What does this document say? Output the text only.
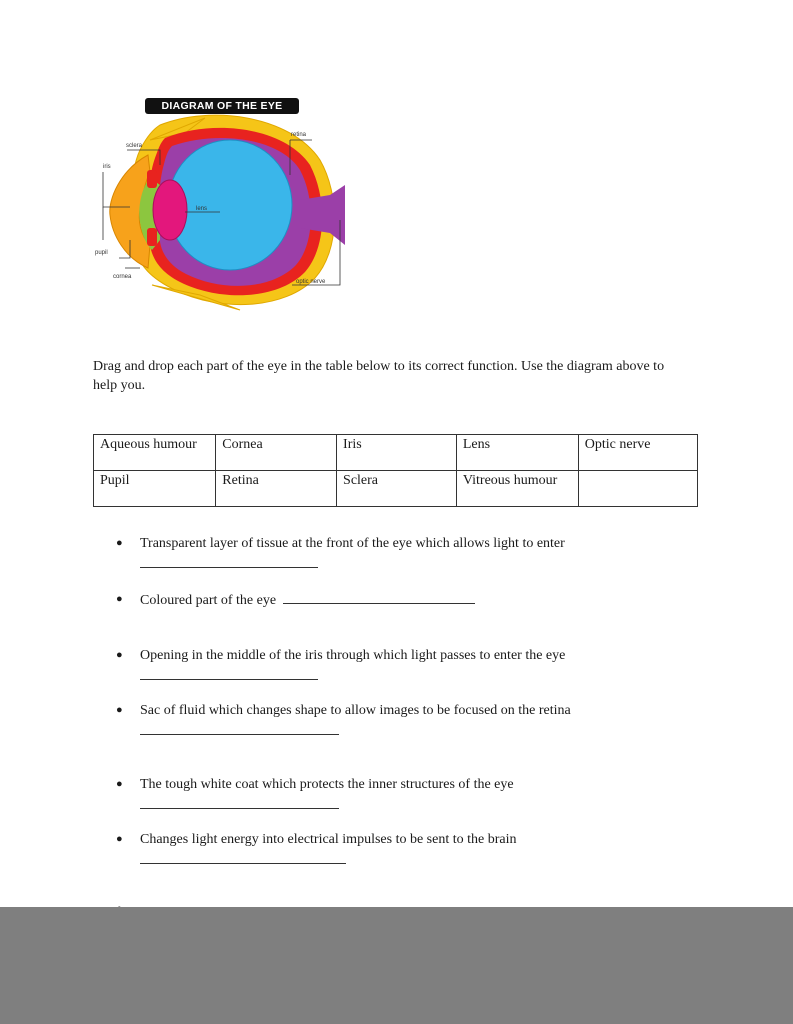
DIAGRAM OF THE EYE
retina
sclera
iris
lens
pupil
cornea
optic nerve
Drag and drop each part of the eye in the table below to its correct function. Use the diagram above to help you.
Aqueous humour	Cornea	Iris	Lens	Optic nerve
Pupil	Retina	Sclera	Vitreous humour	
● Transparent layer of tissue at the front of the eye which allows light to enter
● Coloured part of the eye
● Opening in the middle of the iris through which light passes to enter the eye
● Sac of fluid which changes shape to allow images to be focused on the retina
● The tough white coat which protects the inner structures of the eye
● Changes light energy into electrical impulses to be sent to the brain
